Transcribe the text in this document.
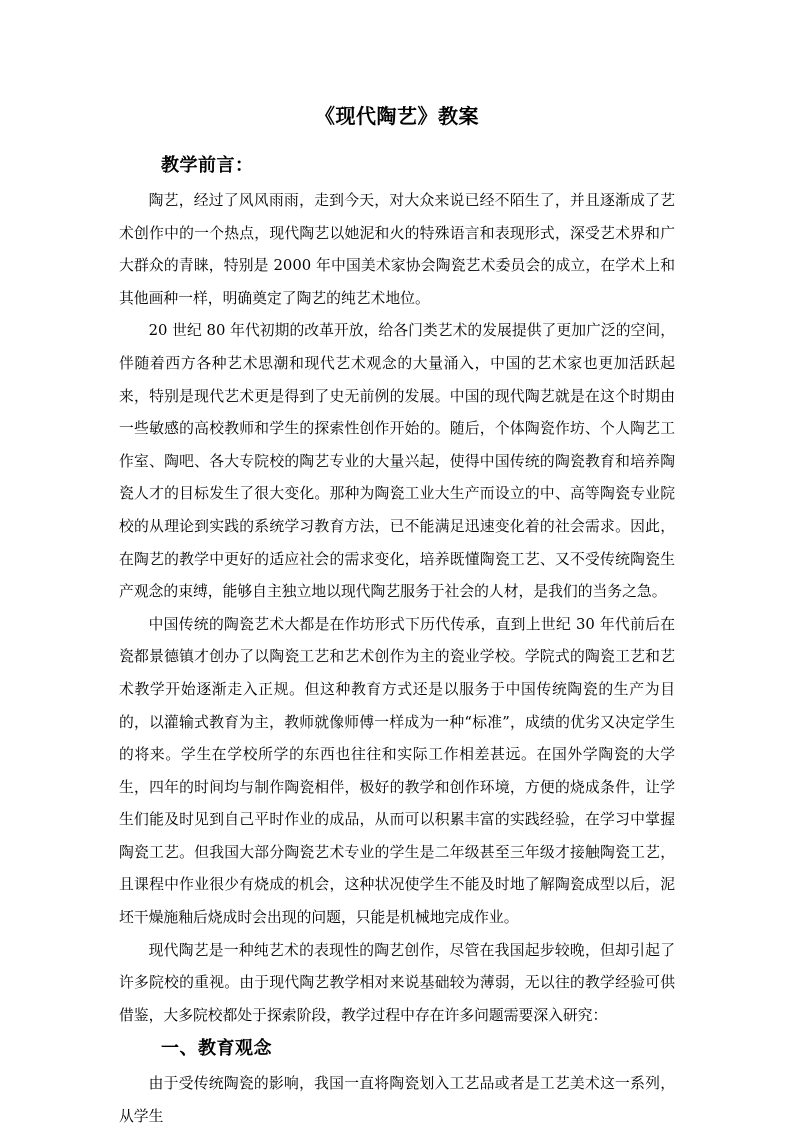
《现代陶艺》教案
教学前言：

陶艺，经过了风风雨雨，走到今天，对大众来说已经不陌生了，并且逐渐成了艺术创作中的一个热点，现代陶艺以她泥和火的特殊语言和表现形式，深受艺术界和广大群众的青睐，特别是 2000 年中国美术家协会陶瓷艺术委员会的成立，在学术上和其他画种一样，明确奠定了陶艺的纯艺术地位。

20 世纪 80 年代初期的改革开放，给各门类艺术的发展提供了更加广泛的空间，伴随着西方各种艺术思潮和现代艺术观念的大量涌入，中国的艺术家也更加活跃起来，特别是现代艺术更是得到了史无前例的发展。中国的现代陶艺就是在这个时期由一些敏感的高校教师和学生的探索性创作开始的。随后，个体陶瓷作坊、个人陶艺工作室、陶吧、各大专院校的陶艺专业的大量兴起，使得中国传统的陶瓷教育和培养陶瓷人才的目标发生了很大变化。那种为陶瓷工业大生产而设立的中、高等陶瓷专业院校的从理论到实践的系统学习教育方法，已不能满足迅速变化着的社会需求。因此，在陶艺的教学中更好的适应社会的需求变化，培养既懂陶瓷工艺、又不受传统陶瓷生产观念的束缚，能够自主独立地以现代陶艺服务于社会的人材，是我们的当务之急。

中国传统的陶瓷艺术大都是在作坊形式下历代传承，直到上世纪 30 年代前后在瓷都景德镇才创办了以陶瓷工艺和艺术创作为主的瓷业学校。学院式的陶瓷工艺和艺术教学开始逐渐走入正规。但这种教育方式还是以服务于中国传统陶瓷的生产为目的，以灌输式教育为主，教师就像师傅一样成为一种“标准”，成绩的优劣又决定学生的将来。学生在学校所学的东西也往往和实际工作相差甚远。在国外学陶瓷的大学生，四年的时间均与制作陶瓷相伴，极好的教学和创作环境，方便的烧成条件，让学生们能及时见到自己平时作业的成品，从而可以积累丰富的实践经验，在学习中掌握陶瓷工艺。但我国大部分陶瓷艺术专业的学生是二年级甚至三年级才接触陶瓷工艺，且课程中作业很少有烧成的机会，这种状况使学生不能及时地了解陶瓷成型以后，泥坯干燥施釉后烧成时会出现的问题，只能是机械地完成作业。

现代陶艺是一种纯艺术的表现性的陶艺创作，尽管在我国起步较晚，但却引起了许多院校的重视。由于现代陶艺教学相对来说基础较为薄弱，无以往的教学经验可供借鉴，大多院校都处于探索阶段，教学过程中存在许多问题需要深入研究：

一、教育观念

由于受传统陶瓷的影响，我国一直将陶瓷划入工艺品或者是工艺美术这一系列，从学生
